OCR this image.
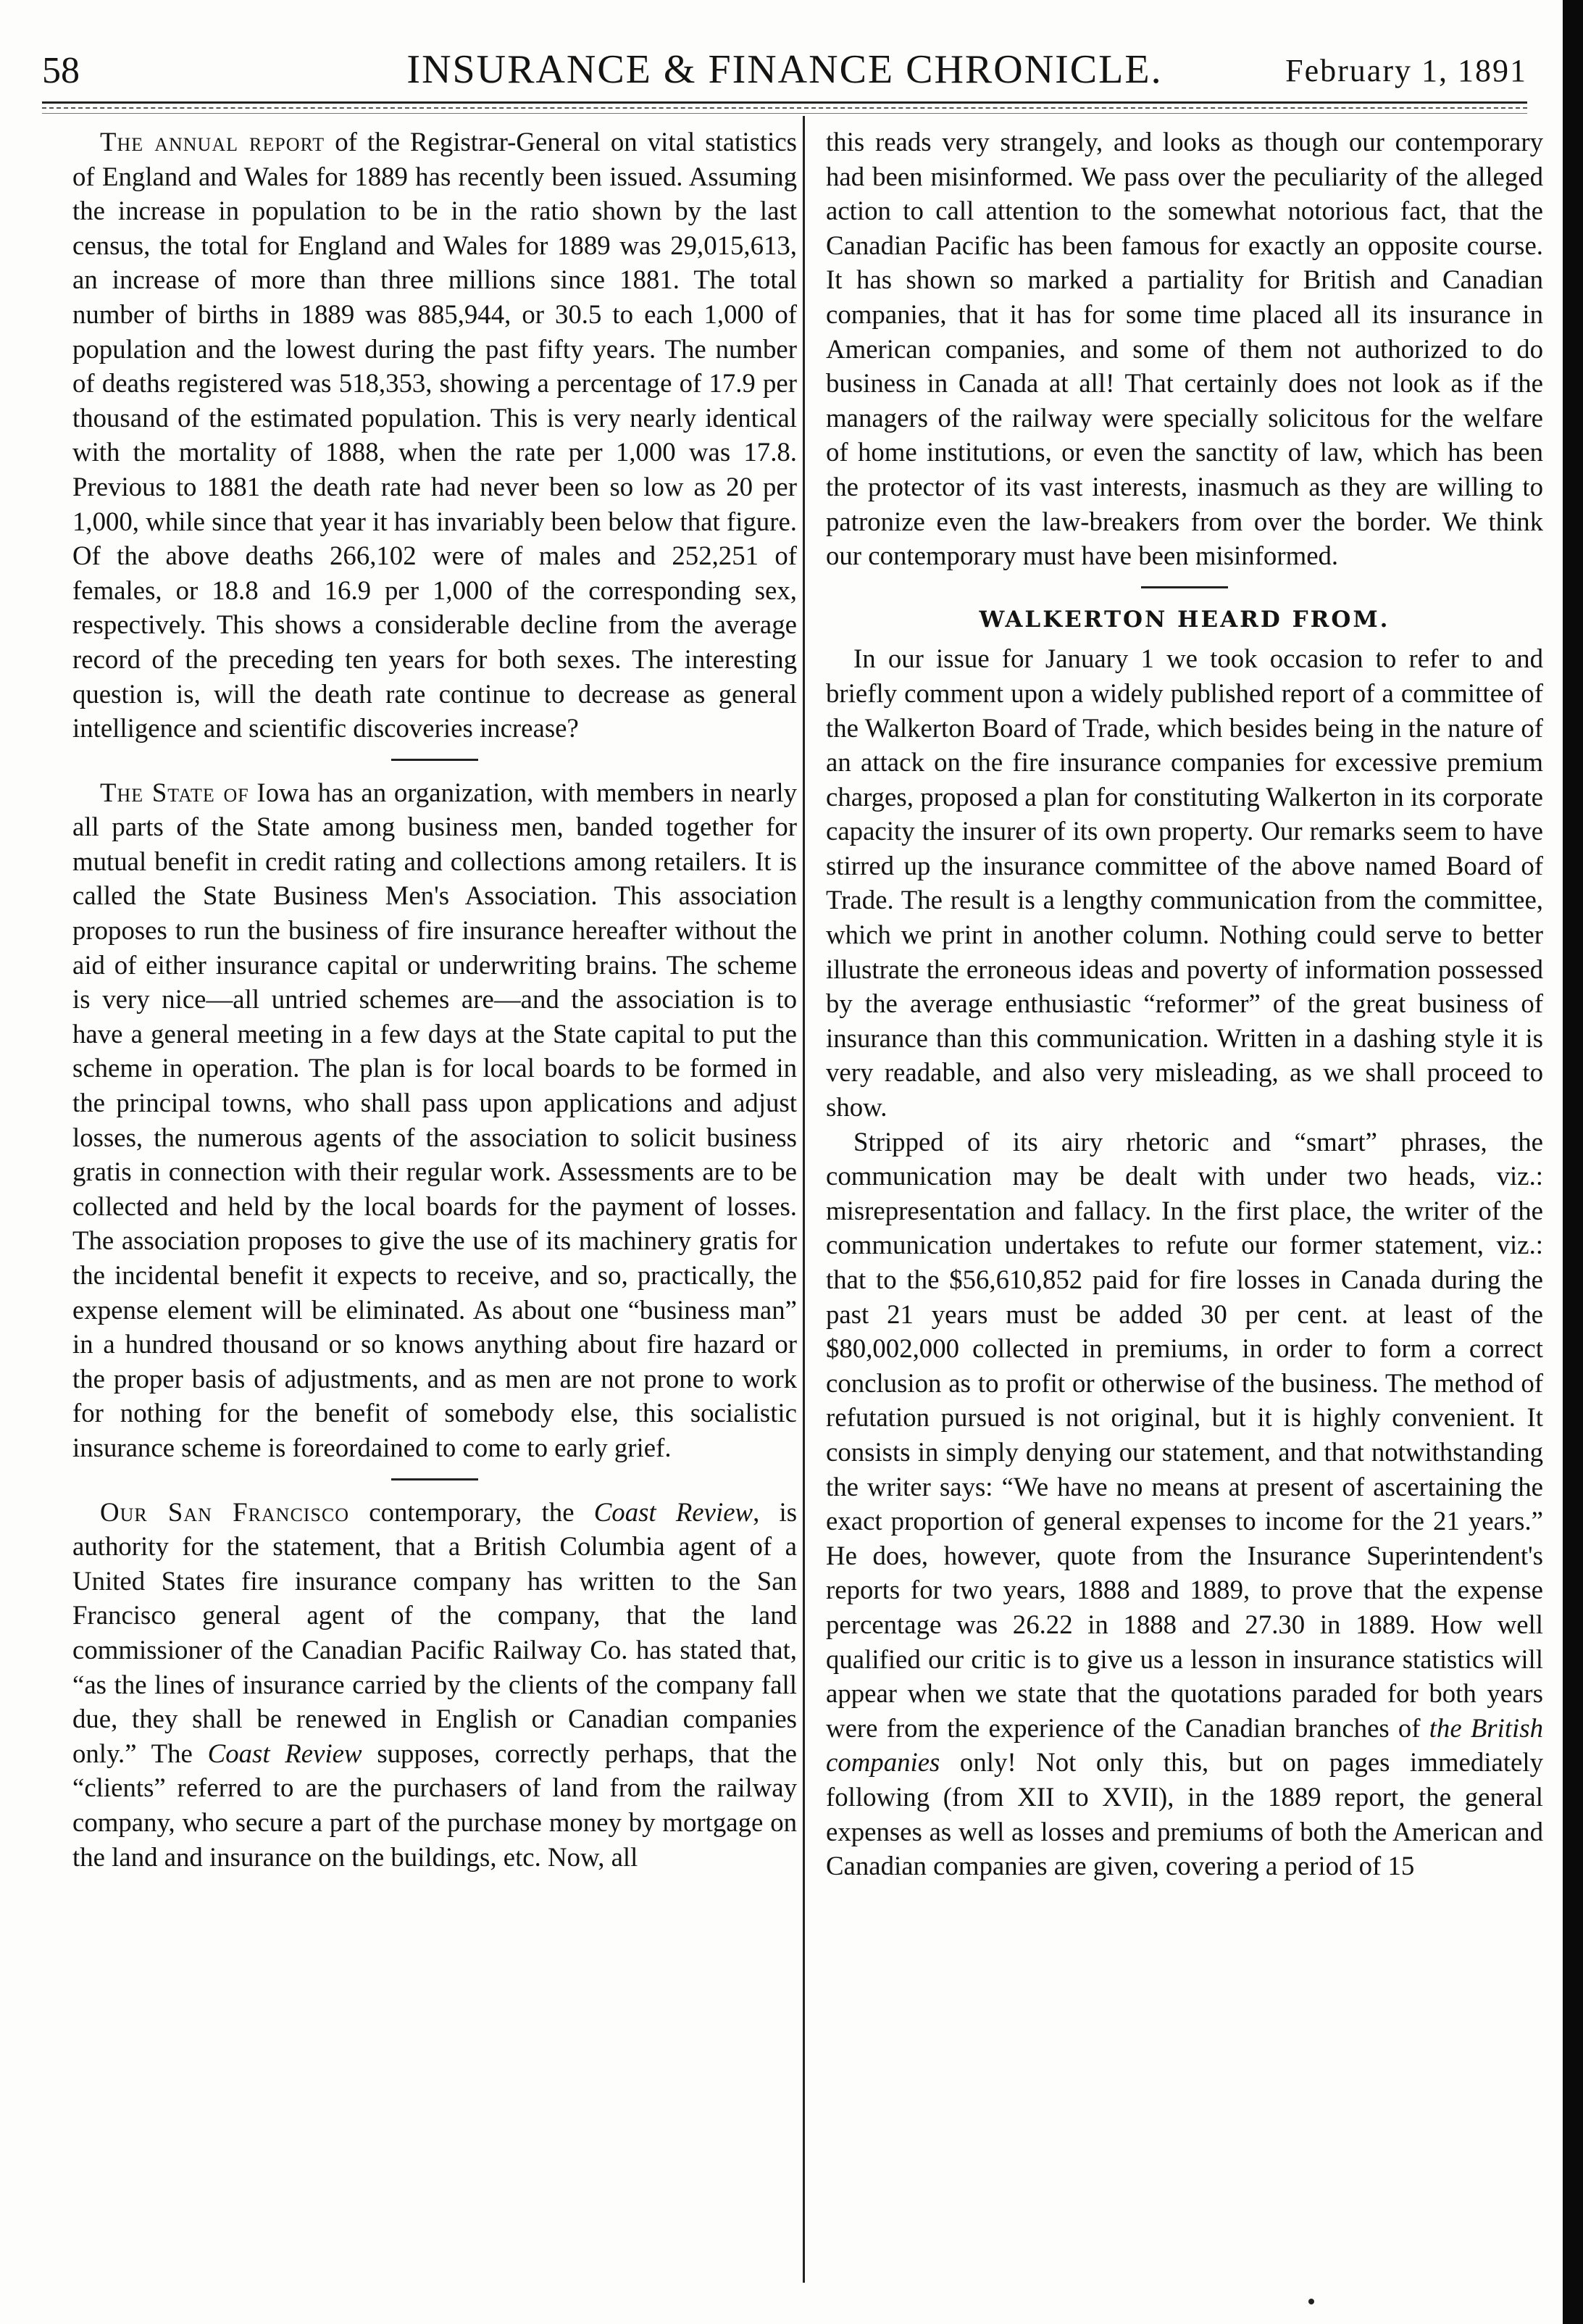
58	INSURANCE & FINANCE CHRONICLE.	February 1, 1891

The annual report of the Registrar-General on vital statistics of England and Wales for 1889 has recently been issued. Assuming the increase in population to be in the ratio shown by the last census, the total for England and Wales for 1889 was 29,015,613, an increase of more than three millions since 1881. The total number of births in 1889 was 885,944, or 30.5 to each 1,000 of population and the lowest during the past fifty years. The number of deaths registered was 518,353, showing a percentage of 17.9 per thousand of the estimated population. This is very nearly identical with the mortality of 1888, when the rate per 1,000 was 17.8. Previous to 1881 the death rate had never been so low as 20 per 1,000, while since that year it has invariably been below that figure. Of the above deaths 266,102 were of males and 252,251 of females, or 18.8 and 16.9 per 1,000 of the corresponding sex, respectively. This shows a considerable decline from the average record of the preceding ten years for both sexes. The interesting question is, will the death rate continue to decrease as general intelligence and scientific discoveries increase?

The State of Iowa has an organization, with members in nearly all parts of the State among business men, banded together for mutual benefit in credit rating and collections among retailers. It is called the State Business Men's Association. This association proposes to run the business of fire insurance hereafter without the aid of either insurance capital or underwriting brains. The scheme is very nice—all untried schemes are—and the association is to have a general meeting in a few days at the State capital to put the scheme in operation. The plan is for local boards to be formed in the principal towns, who shall pass upon applications and adjust losses, the numerous agents of the association to solicit business gratis in connection with their regular work. Assessments are to be collected and held by the local boards for the payment of losses. The association proposes to give the use of its machinery gratis for the incidental benefit it expects to receive, and so, practically, the expense element will be eliminated. As about one “business man” in a hundred thousand or so knows anything about fire hazard or the proper basis of adjustments, and as men are not prone to work for nothing for the benefit of somebody else, this socialistic insurance scheme is foreordained to come to early grief.

Our San Francisco contemporary, the Coast Review, is authority for the statement, that a British Columbia agent of a United States fire insurance company has written to the San Francisco general agent of the company, that the land commissioner of the Canadian Pacific Railway Co. has stated that, “as the lines of insurance carried by the clients of the company fall due, they shall be renewed in English or Canadian companies only.” The Coast Review supposes, correctly perhaps, that the “clients” referred to are the purchasers of land from the railway company, who secure a part of the purchase money by mortgage on the land and insurance on the buildings, etc. Now, all

this reads very strangely, and looks as though our contemporary had been misinformed. We pass over the peculiarity of the alleged action to call attention to the somewhat notorious fact, that the Canadian Pacific has been famous for exactly an opposite course. It has shown so marked a partiality for British and Canadian companies, that it has for some time placed all its insurance in American companies, and some of them not authorized to do business in Canada at all! That certainly does not look as if the managers of the railway were specially solicitous for the welfare of home institutions, or even the sanctity of law, which has been the protector of its vast interests, inasmuch as they are willing to patronize even the law-breakers from over the border. We think our contemporary must have been misinformed.

WALKERTON HEARD FROM.

In our issue for January 1 we took occasion to refer to and briefly comment upon a widely published report of a committee of the Walkerton Board of Trade, which besides being in the nature of an attack on the fire insurance companies for excessive premium charges, proposed a plan for constituting Walkerton in its corporate capacity the insurer of its own property. Our remarks seem to have stirred up the insurance committee of the above named Board of Trade. The result is a lengthy communication from the committee, which we print in another column. Nothing could serve to better illustrate the erroneous ideas and poverty of information possessed by the average enthusiastic “reformer” of the great business of insurance than this communication. Written in a dashing style it is very readable, and also very misleading, as we shall proceed to show.

Stripped of its airy rhetoric and “smart” phrases, the communication may be dealt with under two heads, viz.: misrepresentation and fallacy. In the first place, the writer of the communication undertakes to refute our former statement, viz.: that to the $56,610,852 paid for fire losses in Canada during the past 21 years must be added 30 per cent. at least of the $80,002,000 collected in premiums, in order to form a correct conclusion as to profit or otherwise of the business. The method of refutation pursued is not original, but it is highly convenient. It consists in simply denying our statement, and that notwithstanding the writer says: “We have no means at present of ascertaining the exact proportion of general expenses to income for the 21 years.” He does, however, quote from the Insurance Superintendent's reports for two years, 1888 and 1889, to prove that the expense percentage was 26.22 in 1888 and 27.30 in 1889. How well qualified our critic is to give us a lesson in insurance statistics will appear when we state that the quotations paraded for both years were from the experience of the Canadian branches of the British companies only! Not only this, but on pages immediately following (from XII to XVII), in the 1889 report, the general expenses as well as losses and premiums of both the American and Canadian companies are given, covering a period of 15
